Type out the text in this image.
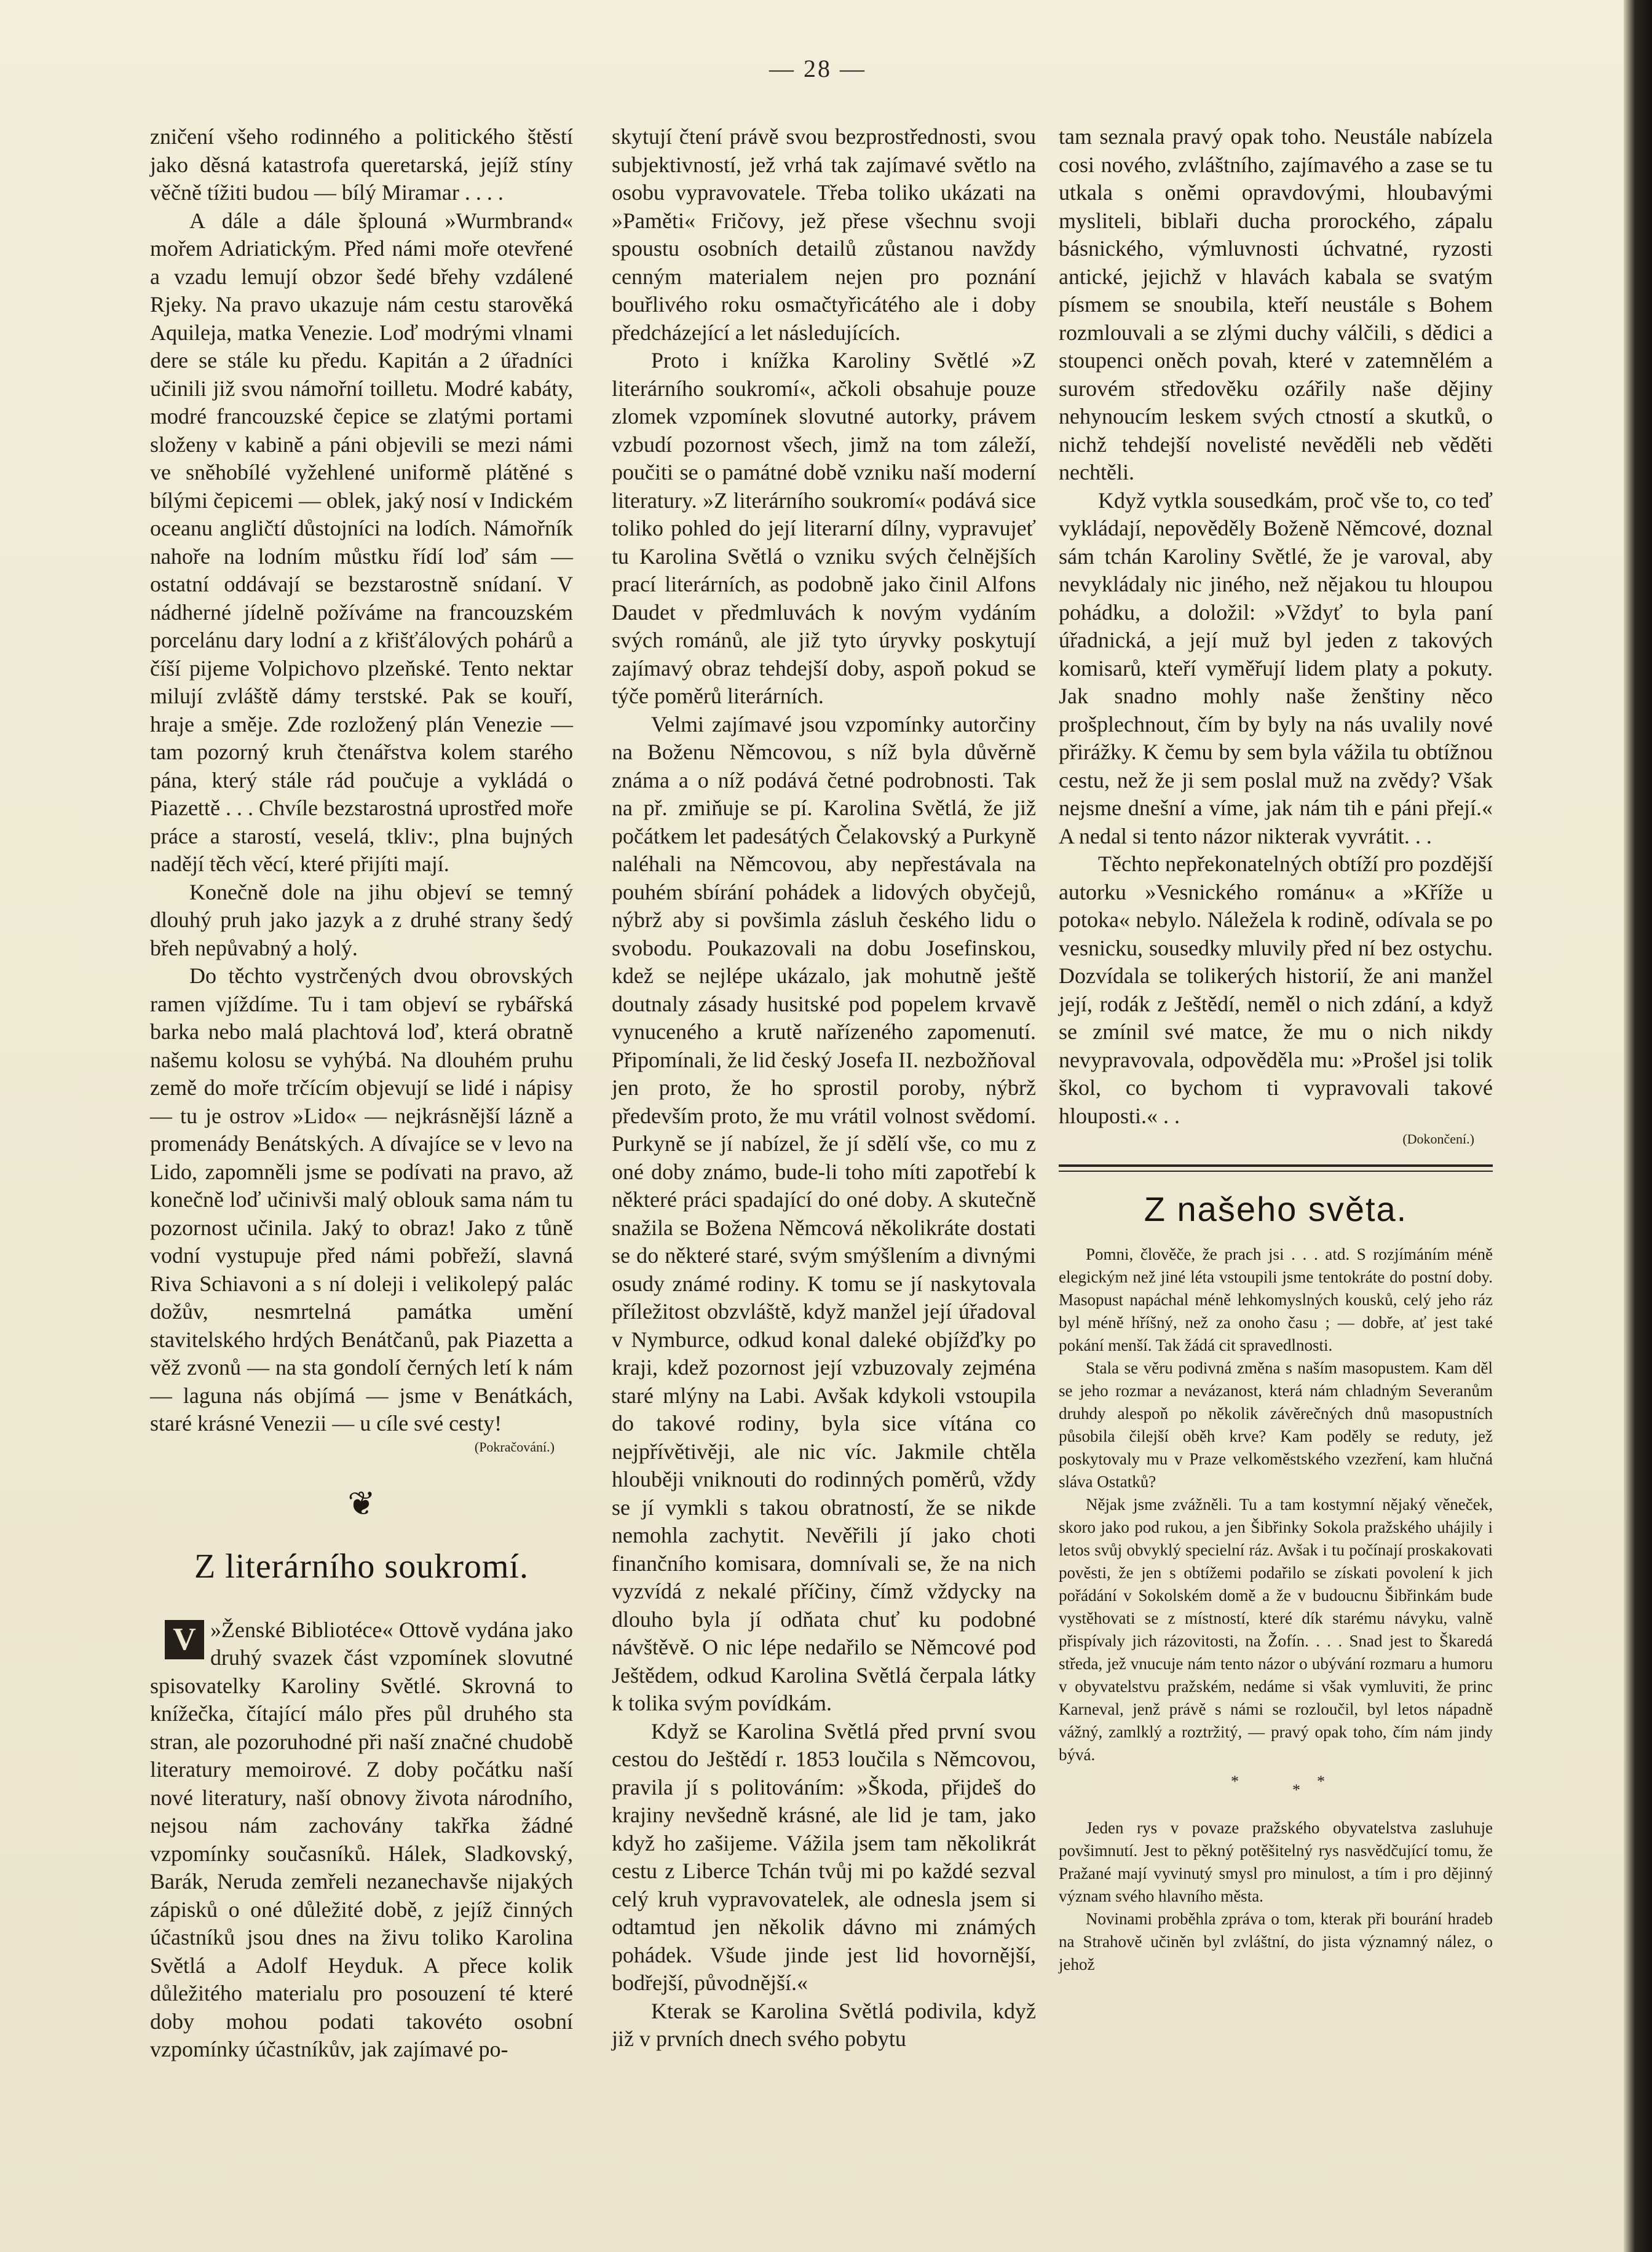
— 28 —

zničení všeho rodinného a politického štěstí jako děsná katastrofa queretarská, jejíž stíny věčně tížiti budou — bílý Miramar . . . .

A dále a dále šplouná »Wurmbrand« mořem Adriatickým. Před námi moře otevřené a vzadu lemují obzor šedé břehy vzdálené Rjeky. Na pravo ukazuje nám cestu starověká Aquileja, matka Venezie. Loď modrými vlnami dere se stále ku předu. Kapitán a 2 úřadníci učinili již svou námořní toilletu. Modré kabáty, modré francouzské čepice se zlatými portami složeny v kabině a páni objevili se mezi námi ve sněhobílé vyžehlené uniformě plátěné s bílými čepicemi — oblek, jaký nosí v Indickém oceanu angličtí důstojníci na lodích. Námořník nahoře na lodním můstku řídí loď sám — ostatní oddávají se bezstarostně snídaní. V nádherné jídelně požíváme na francouzském porcelánu dary lodní a z křišťálových pohárů a číší pijeme Volpichovo plzeňské. Tento nektar milují zvláště dámy terstské. Pak se kouří, hraje a směje. Zde rozložený plán Venezie — tam pozorný kruh čtenářstva kolem starého pána, který stále rád poučuje a vykládá o Piazettě . . . Chvíle bezstarostná uprostřed moře práce a starostí, veselá, tkliv:, plna bujných nadějí těch věcí, které přijíti mají.

Konečně dole na jihu objeví se temný dlouhý pruh jako jazyk a z druhé strany šedý břeh nepůvabný a holý.

Do těchto vystrčených dvou obrovských ramen vjíždíme. Tu i tam objeví se rybářská barka nebo malá plachtová loď, která obratně našemu kolosu se vyhýbá. Na dlouhém pruhu země do moře trčícím objevují se lidé i nápisy — tu je ostrov »Lido« — nejkrásnější lázně a promenády Benátských. A dívajíce se v levo na Lido, zapomněli jsme se podívati na pravo, až konečně loď učinivši malý oblouk sama nám tu pozornost učinila. Jaký to obraz! Jako z tůně vodní vystupuje před námi pobřeží, slavná Riva Schiavoni a s ní doleji i velikolepý palác dožův, nesmrtelná památka umění stavitelského hrdých Benátčanů, pak Piazetta a věž zvonů — na sta gondolí černých letí k nám — laguna nás objímá — jsme v Benátkách, staré krásné Venezii — u cíle své cesty!

(Pokračování.)
❦
Z literárního soukromí.

V »Ženské Bibliotéce« Ottově vydána jako druhý svazek část vzpomínek slovutné spisovatelky Karoliny Světlé. Skrovná to knížečka, čítající málo přes půl druhého sta stran, ale pozoruhodné při naší značné chudobě literatury memoirové. Z doby počátku naší nové literatury, naší obnovy života národního, nejsou nám zachovány takřka žádné vzpomínky současníků. Hálek, Sladkovský, Barák, Neruda zemřeli nezanechavše nijakých zápisků o oné důležité době, z jejíž činných účastníků jsou dnes na živu toliko Karolina Světlá a Adolf Heyduk. A přece kolik důležitého materialu pro posouzení té které doby mohou podati takovéto osobní vzpomínky účastníkův, jak zajímavé po-

skytují čtení právě svou bezprostřednosti, svou subjektivností, jež vrhá tak zajímavé světlo na osobu vypravovatele. Třeba toliko ukázati na »Paměti« Fričovy, jež přese všechnu svoji spoustu osobních detailů zůstanou navždy cenným materialem nejen pro poznání bouřlivého roku osmačtyřicátého ale i doby předcházející a let následujících.

Proto i knížka Karoliny Světlé »Z literárního soukromí«, ačkoli obsahuje pouze zlomek vzpomínek slovutné autorky, právem vzbudí pozornost všech, jimž na tom záleží, poučiti se o památné době vzniku naší moderní literatury. »Z literárního soukromí« podává sice toliko pohled do její literarní dílny, vypravujeť tu Karolina Světlá o vzniku svých čelnějších prací literárních, as podobně jako činil Alfons Daudet v předmluvách k novým vydáním svých románů, ale již tyto úryvky poskytují zajímavý obraz tehdejší doby, aspoň pokud se týče poměrů literárních.

Velmi zajímavé jsou vzpomínky autorčiny na Boženu Němcovou, s níž byla důvěrně známa a o níž podává četné podrobnosti. Tak na př. zmiňuje se pí. Karolina Světlá, že již počátkem let padesátých Čelakovský a Purkyně naléhali na Němcovou, aby nepřestávala na pouhém sbírání pohádek a lidových obyčejů, nýbrž aby si povšimla zásluh českého lidu o svobodu. Poukazovali na dobu Josefinskou, kdež se nejlépe ukázalo, jak mohutně ještě doutnaly zásady husitské pod popelem krvavě vynuceného a krutě nařízeného zapomenutí. Připomínali, že lid český Josefa II. nezbožňoval jen proto, že ho sprostil poroby, nýbrž především proto, že mu vrátil volnost svědomí. Purkyně se jí nabízel, že jí sdělí vše, co mu z oné doby známo, bude-li toho míti zapotřebí k některé práci spadající do oné doby. A skutečně snažila se Božena Němcová několikráte dostati se do některé staré, svým smýšlením a divnými osudy známé rodiny. K tomu se jí naskytovala příležitost obzvláště, když manžel její úřadoval v Nymburce, odkud konal daleké objížďky po kraji, kdež pozornost její vzbuzovaly zejména staré mlýny na Labi. Avšak kdykoli vstoupila do takové rodiny, byla sice vítána co nejpřívětivěji, ale nic víc. Jakmile chtěla hlouběji vniknouti do rodinných poměrů, vždy se jí vymkli s takou obratností, že se nikde nemohla zachytit. Nevěřili jí jako choti finančního komisara, domnívali se, že na nich vyzvídá z nekalé příčiny, čímž vždycky na dlouho byla jí odňata chuť ku podobné návštěvě. O nic lépe nedařilo se Němcové pod Ještědem, odkud Karolina Světlá čerpala látky k tolika svým povídkám.

Když se Karolina Světlá před první svou cestou do Ještědí r. 1853 loučila s Němcovou, pravila jí s politováním: »Škoda, přijdeš do krajiny nevšedně krásné, ale lid je tam, jako když ho zašijeme. Vážila jsem tam několikrát cestu z Liberce Tchán tvůj mi po každé sezval celý kruh vypravovatelek, ale odnesla jsem si odtamtud jen několik dávno mi známých pohádek. Všude jinde jest lid hovornější, bodřejší, původnější.«

Kterak se Karolina Světlá podivila, když již v prvních dnech svého pobytu

tam seznala pravý opak toho. Neustále nabízela cosi nového, zvláštního, zajímavého a zase se tu utkala s oněmi opravdovými, hloubavými mysliteli, biblaři ducha prorockého, zápalu básnického, výmluvnosti úchvatné, ryzosti antické, jejichž v hlavách kabala se svatým písmem se snoubila, kteří neustále s Bohem rozmlouvali a se zlými duchy válčili, s dědici a stoupenci oněch povah, které v zatemnělém a surovém středověku ozářily naše dějiny nehynoucím leskem svých ctností a skutků, o nichž tehdejší novelisté nevěděli neb věděti nechtěli.

Když vytkla sousedkám, proč vše to, co teď vykládají, nepověděly Boženě Němcové, doznal sám tchán Karoliny Světlé, že je varoval, aby nevykládaly nic jiného, než nějakou tu hloupou pohádku, a doložil: »Vždyť to byla paní úřadnická, a její muž byl jeden z takových komisarů, kteří vyměřují lidem platy a pokuty. Jak snadno mohly naše ženštiny něco prošplechnout, čím by byly na nás uvalily nové přirážky. K čemu by sem byla vážila tu obtížnou cestu, než že ji sem poslal muž na zvědy? Však nejsme dnešní a víme, jak nám tih e páni přejí.« A nedal si tento názor nikterak vyvrátit. . .

Těchto nepřekonatelných obtíží pro pozdější autorku »Vesnického románu« a »Kříže u potoka« nebylo. Náležela k rodině, odívala se po vesnicku, sousedky mluvily před ní bez ostychu. Dozvídala se tolikerých historií, že ani manžel její, rodák z Ještědí, neměl o nich zdání, a když se zmínil své matce, že mu o nich nikdy nevypravovala, odpověděla mu: »Prošel jsi tolik škol, co bychom ti vypravovali takové hlouposti.« . .

(Dokončení.)
Z našeho světa.

Pomni, člověče, že prach jsi . . . atd. S rozjímáním méně elegickým než jiné léta vstoupili jsme tentokráte do postní doby. Masopust napáchal méně lehkomyslných kousků, celý jeho ráz byl méně hříšný, než za onoho času ; — dobře, ať jest také pokání menší. Tak žádá cit spravedlnosti.

Stala se věru podivná změna s naším masopustem. Kam děl se jeho rozmar a nevázanost, která nám chladným Severanům druhdy alespoň po několik závěrečných dnů masopustních působila čilejší oběh krve? Kam poděly se reduty, jež poskytovaly mu v Praze velkoměstského vzezření, kam hlučná sláva Ostatků?

Nějak jsme zvážněli. Tu a tam kostymní nějaký věneček, skoro jako pod rukou, a jen Šibřinky Sokola pražského uhájily i letos svůj obvyklý specielní ráz. Avšak i tu počínají proskakovati pověsti, že jen s obtížemi podařilo se získati povolení k jich pořádání v Sokolském domě a že v budoucnu Šibřinkám bude vystěhovati se z místností, které dík starému návyku, valně přispívaly jich rázovitosti, na Žofín. . . . Snad jest to Škaredá středa, jež vnucuje nám tento názor o ubývání rozmaru a humoru v obyvatelstvu pražském, nedáme si však vymluviti, že princ Karneval, jenž právě s námi se rozloučil, byl letos nápadně vážný, zamlklý a roztržitý, — pravý opak toho, čím nám jindy bývá.

*	* *

Jeden rys v povaze pražského obyvatelstva zasluhuje povšimnutí. Jest to pěkný potěšitelný rys nasvědčující tomu, že Pražané mají vyvinutý smysl pro minulost, a tím i pro dějinný význam svého hlavního města.

Novinami proběhla zpráva o tom, kterak při bourání hradeb na Strahově učiněn byl zvláštní, do jista významný nález, o jehož
